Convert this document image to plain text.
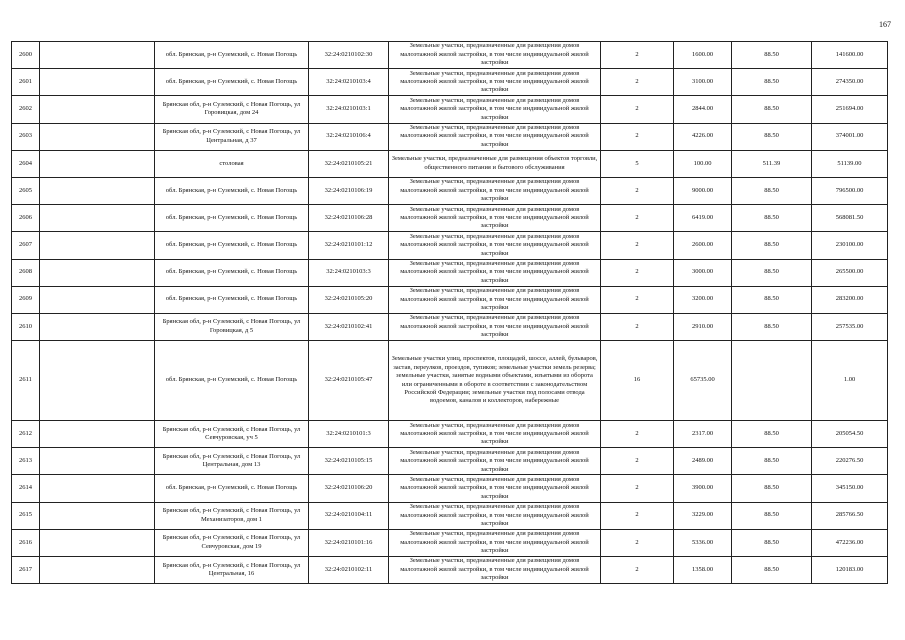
167
2600		обл. Брянская, р-н Суземский, с. Новая Погощь	32:24:0210102:30	Земельные участки, предназначенные для размещения домов малоэтажной жилой застройки, в том числе индивидуальной жилой застройки	2	1600.00	88.50	141600.00
2601		обл. Брянская, р-н Суземский, с. Новая Погощь	32:24:0210103:4	Земельные участки, предназначенные для размещения домов малоэтажной жилой застройки, в том числе индивидуальной жилой застройки	2	3100.00	88.50	274350.00
2602		Брянская обл, р-н Суземский, с Новая Погощь, ул Горовицкая, дом 24	32:24:0210103:1	Земельные участки, предназначенные для размещения домов малоэтажной жилой застройки, в том числе индивидуальной жилой застройки	2	2844.00	88.50	251694.00
2603		Брянская обл, р-н Суземский, с Новая Погощь, ул Центральная, д 37	32:24:0210106:4	Земельные участки, предназначенные для размещения домов малоэтажной жилой застройки, в том числе индивидуальной жилой застройки	2	4226.00	88.50	374001.00
2604		столовая	32:24:0210105:21	Земельные участки, предназначенные для размещения объектов торговли, общественного питания и бытового обслуживания	5	100.00	511.39	51139.00
2605		обл. Брянская, р-н Суземский, с. Новая Погощь	32:24:0210106:19	Земельные участки, предназначенные для размещения домов малоэтажной жилой застройки, в том числе индивидуальной жилой застройки	2	9000.00	88.50	796500.00
2606		обл. Брянская, р-н Суземский, с. Новая Погощь	32:24:0210106:28	Земельные участки, предназначенные для размещения домов малоэтажной жилой застройки, в том числе индивидуальной жилой застройки	2	6419.00	88.50	568081.50
2607		обл. Брянская, р-н Суземский, с. Новая Погощь	32:24:0210101:12	Земельные участки, предназначенные для размещения домов малоэтажной жилой застройки, в том числе индивидуальной жилой застройки	2	2600.00	88.50	230100.00
2608		обл. Брянская, р-н Суземский, с. Новая Погощь	32:24:0210103:3	Земельные участки, предназначенные для размещения домов малоэтажной жилой застройки, в том числе индивидуальной жилой застройки	2	3000.00	88.50	265500.00
2609		обл. Брянская, р-н Суземский, с. Новая Погощь	32:24:0210105:20	Земельные участки, предназначенные для размещения домов малоэтажной жилой застройки, в том числе индивидуальной жилой застройки	2	3200.00	88.50	283200.00
2610		Брянская обл, р-н Суземский, с Новая Погощь, ул Горовицкая, д 5	32:24:0210102:41	Земельные участки, предназначенные для размещения домов малоэтажной жилой застройки, в том числе индивидуальной жилой застройки	2	2910.00	88.50	257535.00
2611		обл. Брянская, р-н Суземский, с. Новая Погощь	32:24:0210105:47	Земельные участки улиц, проспектов, площадей, шоссе, аллей, бульваров, застав, переулков, проездов, тупиков; земельные участки земель резерва; земельные участки, занятые водными объектами, изъятыми из оборота или ограниченными в обороте в соответствии с законодательством Российской Федерации; земельные участки под полосами отвода водоемов, каналов и коллекторов, набережные	16	65735.00		1.00
2612		Брянская обл, р-н Суземский, с Новая Погощь, ул Севчуровская, уч 5	32:24:0210101:3	Земельные участки, предназначенные для размещения домов малоэтажной жилой застройки, в том числе индивидуальной жилой застройки	2	2317.00	88.50	205054.50
2613		Брянская обл, р-н Суземский, с Новая Погощь, ул Центральная, дом 13	32:24:0210105:15	Земельные участки, предназначенные для размещения домов малоэтажной жилой застройки, в том числе индивидуальной жилой застройки	2	2489.00	88.50	220276.50
2614		обл. Брянская, р-н Суземский, с. Новая Погощь	32:24:0210106:20	Земельные участки, предназначенные для размещения домов малоэтажной жилой застройки, в том числе индивидуальной жилой застройки	2	3900.00	88.50	345150.00
2615		Брянская обл, р-н Суземский, с Новая Погощь, ул Механизаторов, дом 1	32:24:0210104:11	Земельные участки, предназначенные для размещения домов малоэтажной жилой застройки, в том числе индивидуальной жилой застройки	2	3229.00	88.50	285766.50
2616		Брянская обл, р-н Суземский, с Новая Погощь, ул Севчуровская, дом 19	32:24:0210101:16	Земельные участки, предназначенные для размещения домов малоэтажной жилой застройки, в том числе индивидуальной жилой застройки	2	5336.00	88.50	472236.00
2617		Брянская обл, р-н Суземский, с Новая Погощь, ул Центральная, 16	32:24:0210102:11	Земельные участки, предназначенные для размещения домов малоэтажной жилой застройки, в том числе индивидуальной жилой застройки	2	1358.00	88.50	120183.00
